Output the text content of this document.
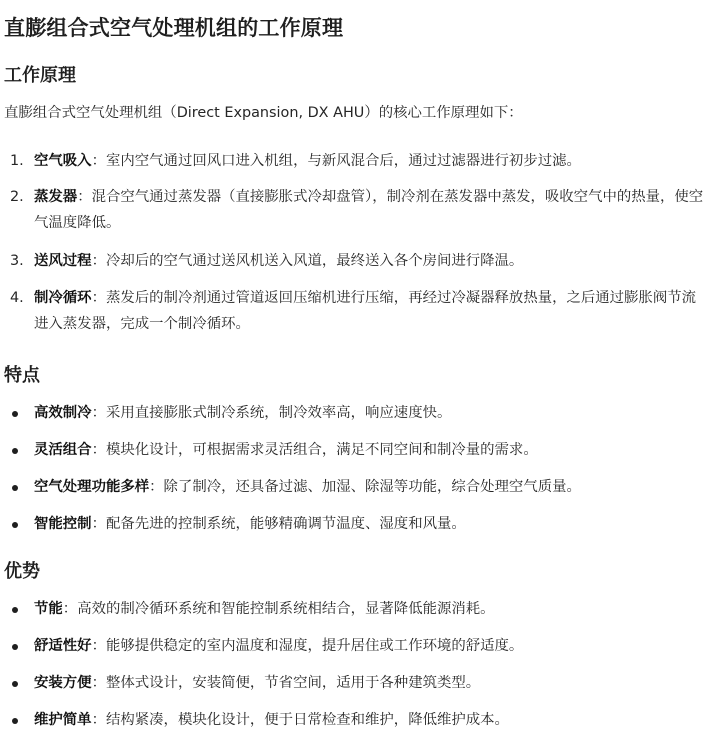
直膨组合式空气处理机组的工作原理
工作原理

直膨组合式空气处理机组（Direct Expansion, DX AHU）的核心工作原理如下：

1. 空气吸入：室内空气通过回风口进入机组，与新风混合后，通过过滤器进行初步过滤。
2. 蒸发器：混合空气通过蒸发器（直接膨胀式冷却盘管），制冷剂在蒸发器中蒸发，吸收空气中的热量，使空气温度降低。
3. 送风过程：冷却后的空气通过送风机送入风道，最终送入各个房间进行降温。
4. 制冷循环：蒸发后的制冷剂通过管道返回压缩机进行压缩，再经过冷凝器释放热量，之后通过膨胀阀节流进入蒸发器，完成一个制冷循环。
特点
高效制冷：采用直接膨胀式制冷系统，制冷效率高，响应速度快。
灵活组合：模块化设计，可根据需求灵活组合，满足不同空间和制冷量的需求。
空气处理功能多样：除了制冷，还具备过滤、加湿、除湿等功能，综合处理空气质量。
智能控制：配备先进的控制系统，能够精确调节温度、湿度和风量。
优势
节能：高效的制冷循环系统和智能控制系统相结合，显著降低能源消耗。
舒适性好：能够提供稳定的室内温度和湿度，提升居住或工作环境的舒适度。
安装方便：整体式设计，安装简便，节省空间，适用于各种建筑类型。
维护简单：结构紧凑，模块化设计，便于日常检查和维护，降低维护成本。
